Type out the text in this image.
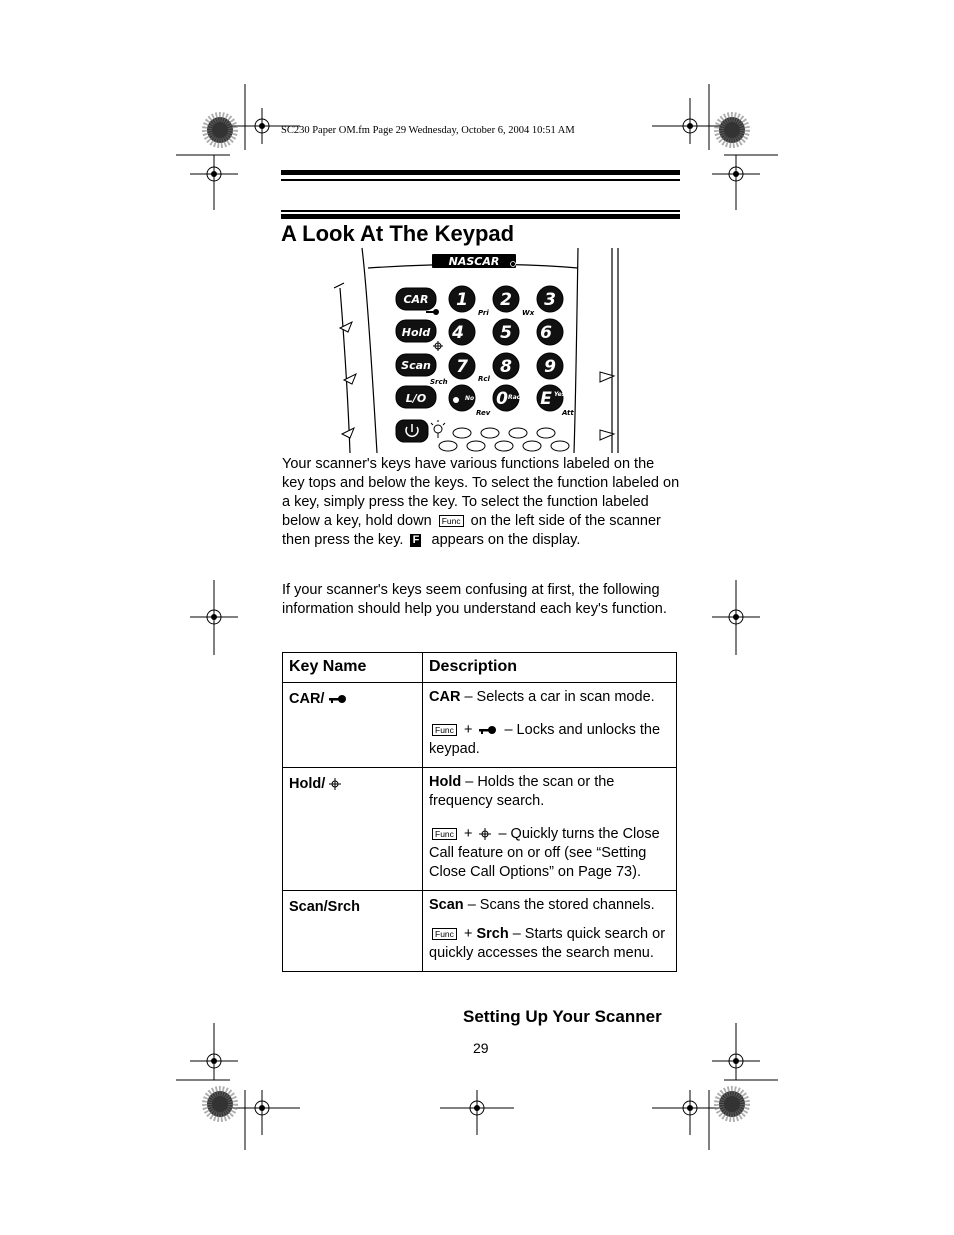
SC230 Paper OM.fm Page 29 Wednesday, October 6, 2004 10:51 AM
A Look At The Keypad
NASCAR
CAR
Hold
Scan
L/O
1 2 3
4 5 6
7 8 9
0 E
No	Race	Yes
Pri	Wx
Srch	Rcl
Rev	Att
Your scanner's keys have various functions labeled on the key tops and below the keys. To select the function labeled on a key, simply press the key. To select the function labeled below a key, hold down Func on the left side of the scanner then press the key. F appears on the display.
If your scanner's keys seem confusing at first, the following information should help you understand each key's function.
Key Name	Description
CAR/	CAR – Selects a car in scan mode.

Func +  – Locks and unlocks the keypad.

Hold/	Hold – Holds the scan or the frequency search.

Func +  – Quickly turns the Close Call feature on or off (see “Setting Close Call Options” on Page 73).

Scan/Srch	Scan – Scans the stored channels.

Func + Srch – Starts quick search or quickly accesses the search menu.

Setting Up Your Scanner
29
